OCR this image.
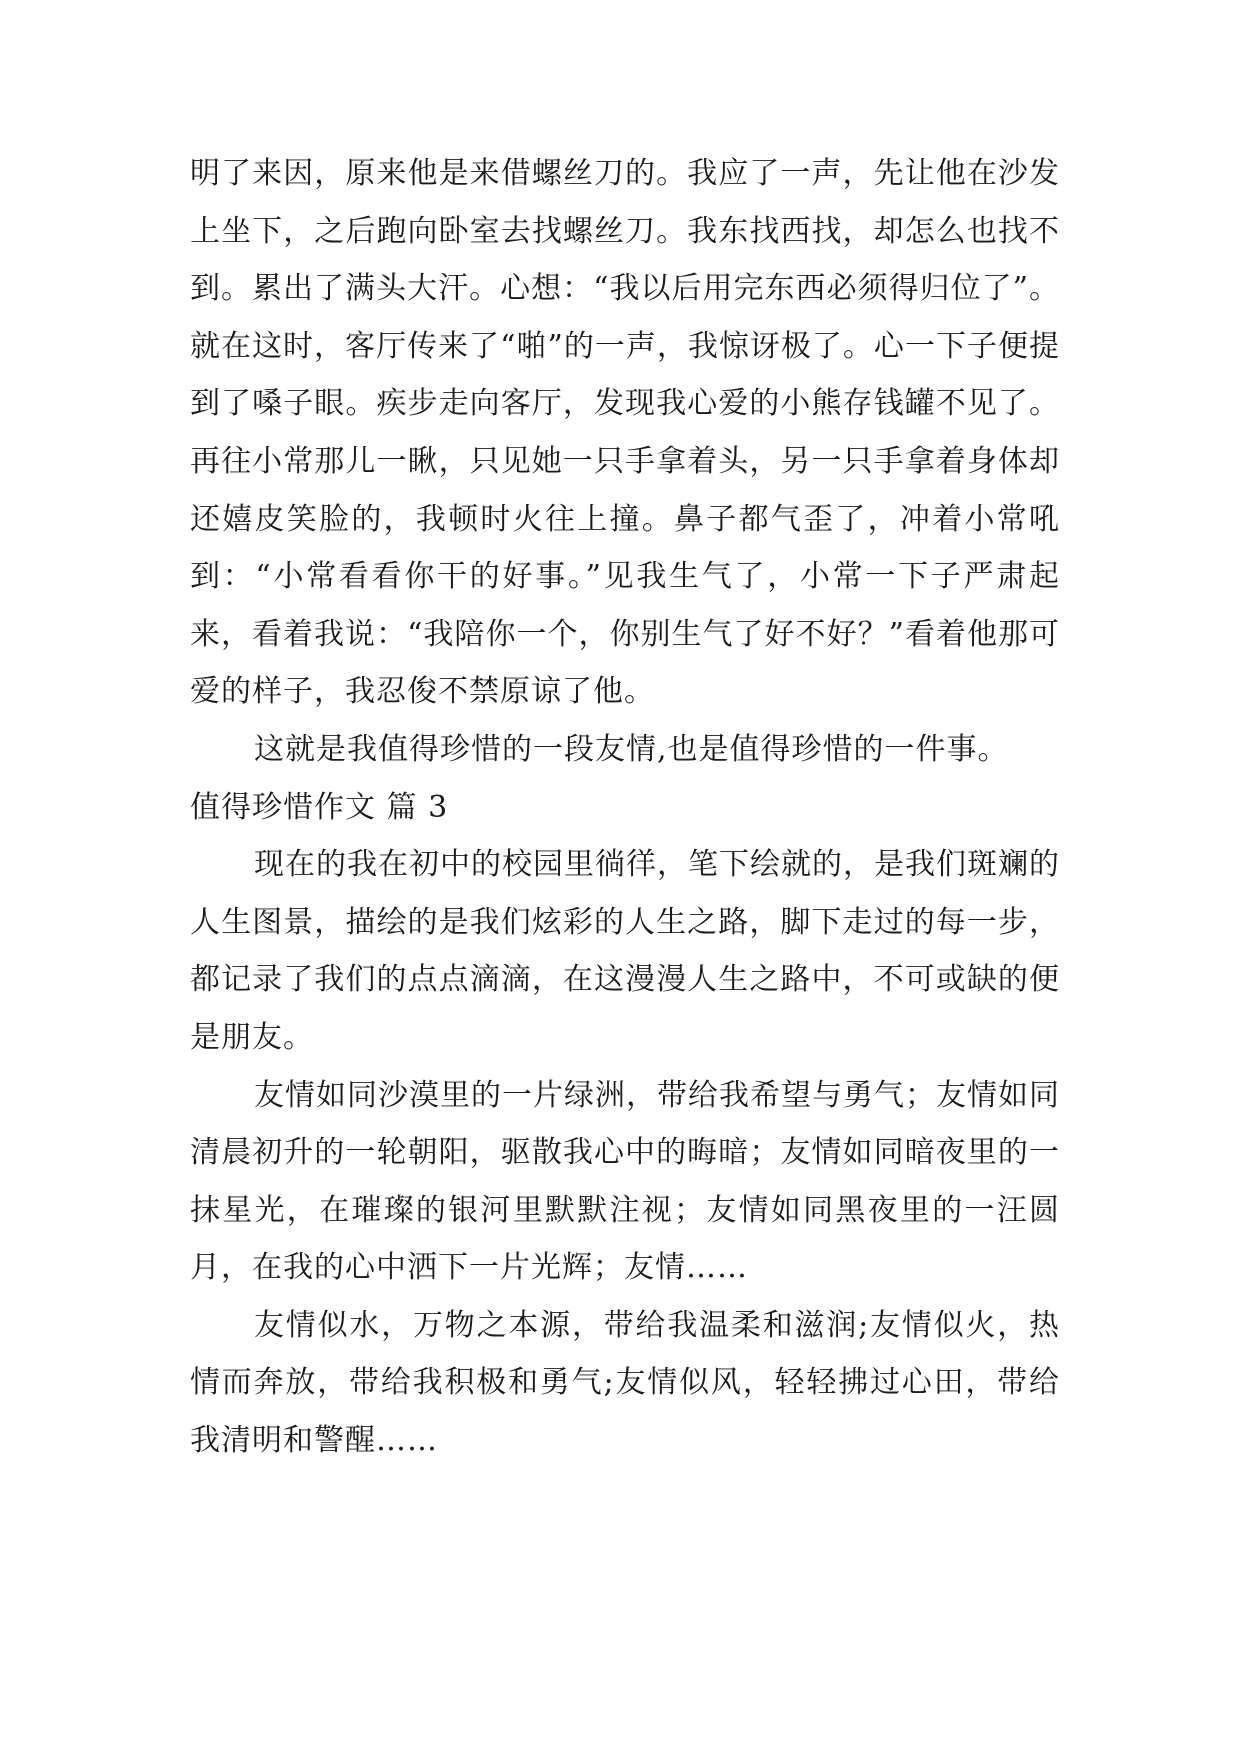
明了来因，原来他是来借螺丝刀的。我应了一声，先让他在沙发上坐下，之后跑向卧室去找螺丝刀。我东找西找，却怎么也找不到。累出了满头大汗。心想：“我以后用完东西必须得归位了”。就在这时，客厅传来了“啪”的一声，我惊讶极了。心一下子便提到了嗓子眼。疾步走向客厅，发现我心爱的小熊存钱罐不见了。再往小常那儿一瞅，只见她一只手拿着头，另一只手拿着身体却还嬉皮笑脸的，我顿时火往上撞。鼻子都气歪了，冲着小常吼到：“小常看看你干的好事。”见我生气了，小常一下子严肃起来，看着我说：“我陪你一个，你别生气了好不好？”看着他那可爱的样子，我忍俊不禁原谅了他。

这就是我值得珍惜的一段友情,也是值得珍惜的一件事。

值得珍惜作文 篇 3

现在的我在初中的校园里徜徉，笔下绘就的，是我们斑斓的人生图景，描绘的是我们炫彩的人生之路，脚下走过的每一步，都记录了我们的点点滴滴，在这漫漫人生之路中，不可或缺的便是朋友。

友情如同沙漠里的一片绿洲，带给我希望与勇气；友情如同清晨初升的一轮朝阳，驱散我心中的晦暗；友情如同暗夜里的一抹星光，在璀璨的银河里默默注视；友情如同黑夜里的一汪圆月，在我的心中洒下一片光辉；友情……

友情似水，万物之本源，带给我温柔和滋润;友情似火，热情而奔放，带给我积极和勇气;友情似风，轻轻拂过心田，带给我清明和警醒……
